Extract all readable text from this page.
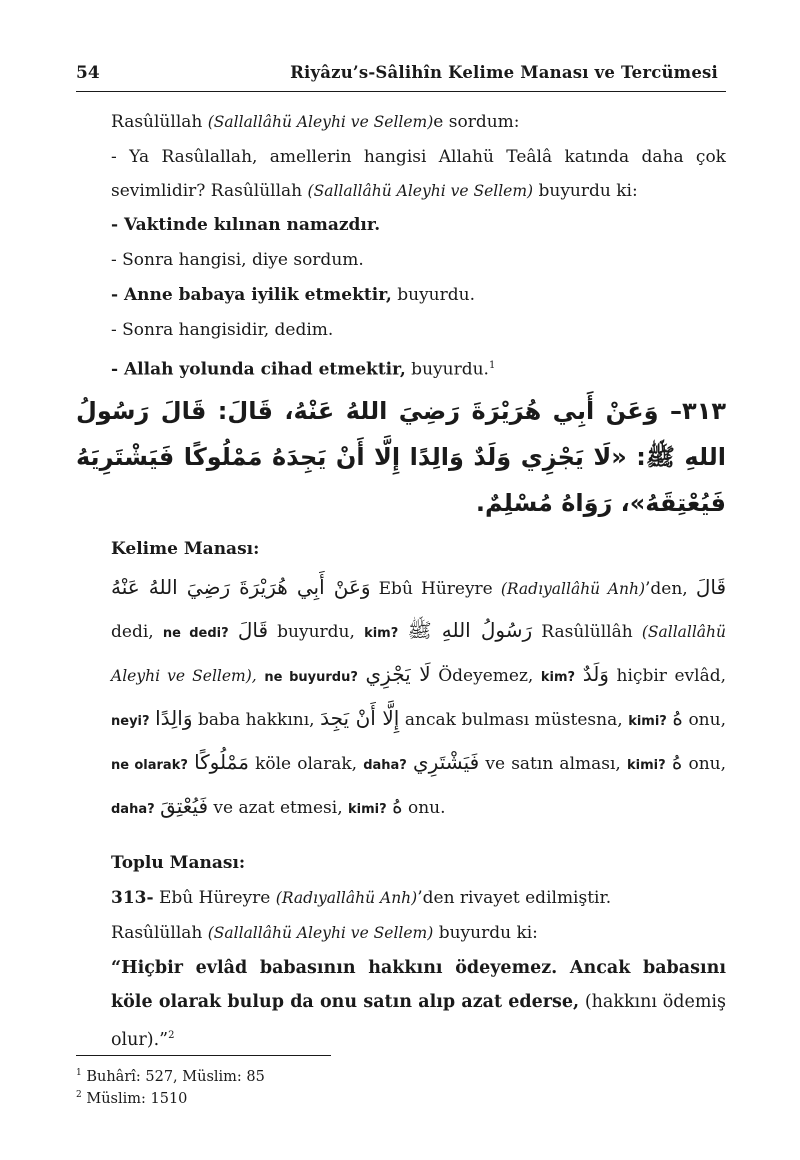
54	Riyâzu’s-Sâlihîn Kelime Manası ve Tercümesi

Rasûlüllah (Sallallâhü Aleyhi ve Sellem)e sordum:

- Ya Rasûlallah, amellerin hangisi Allahü Teâlâ katında daha çok sevimlidir? Rasûlüllah (Sallallâhü Aleyhi ve Sellem) buyurdu ki:

- Vaktinde kılınan namazdır.

- Sonra hangisi, diye sordum.

- Anne babaya iyilik etmektir, buyurdu.

- Sonra hangisidir, dedim.

- Allah yolunda cihad etmektir, buyurdu.$^1$

٣١٣– وَعَنْ أَبِي هُرَيْرَةَ رَضِيَ اللهُ عَنْهُ، قَالَ: قَالَ رَسُولُ اللهِ ﷺ: «لَا يَجْزِي وَلَدٌ وَالِدًا إِلَّا أَنْ يَجِدَهُ مَمْلُوكًا فَيَشْتَرِيَهُ فَيُعْتِقَهُ»، رَوَاهُ مُسْلِمٌ.

Kelime Manası:

وَعَنْ أَبِي هُرَيْرَةَ رَضِيَ اللهُ عَنْهُ Ebû Hüreyre (Radıyallâhü Anh)’den, قَالَ dedi, ne dedi? قَالَ buyurdu, kim? رَسُولُ اللهِ ﷺ Rasûlüllâh (Sallallâhü Aleyhi ve Sellem), ne buyurdu? لَا يَجْزِي Ödeyemez, kim? وَلَدٌ hiçbir evlâd, neyi? وَالِدًا baba hakkını, إِلَّا أَنْ يَجِدَ ancak bulması müstesna, kimi? هُ onu, ne olarak? مَمْلُوكًا köle olarak, daha? فَيَشْتَرِي ve satın alması, kimi? هُ onu, daha? فَيُعْتِقَ ve azat etmesi, kimi? هُ onu.

Toplu Manası:

313- Ebû Hüreyre (Radıyallâhü Anh)’den rivayet edilmiştir.

Rasûlüllah (Sallallâhü Aleyhi ve Sellem) buyurdu ki:

“Hiçbir evlâd babasının hakkını ödeyemez. Ancak babasını köle olarak bulup da onu satın alıp azat ederse, (hakkını ödemiş olur).”$^2$

$^1$ Buhârî: 527, Müslim: 85
$^2$ Müslim: 1510
